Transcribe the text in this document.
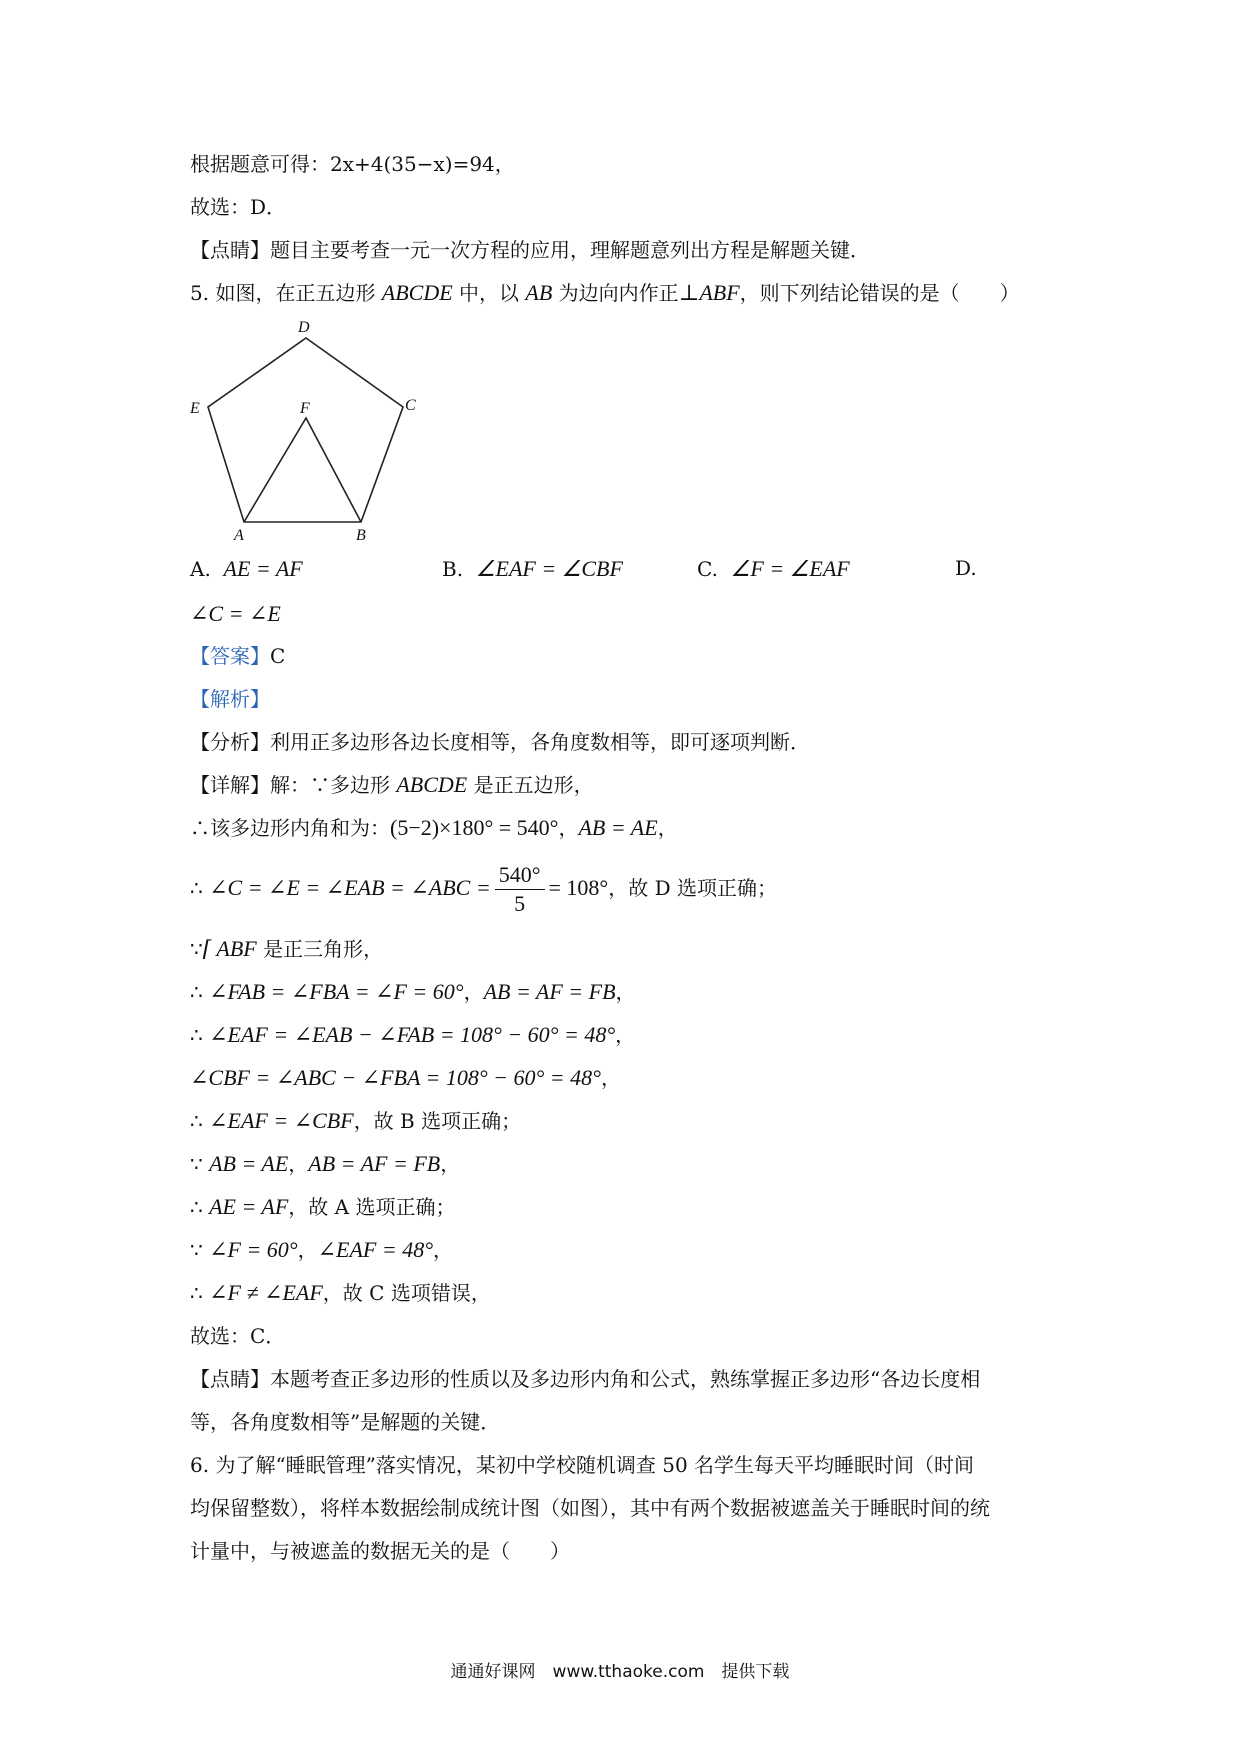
根据题意可得：2x+4(35−x)=94，
故选：D．
【点睛】题目主要考查一元一次方程的应用，理解题意列出方程是解题关键．
5. 如图，在正五边形 ABCDE 中，以 AB 为边向内作正⊥ABF，则下列结论错误的是（　　）
D
C
E	F
A	B
A. AE = AF	B. ∠EAF = ∠CBF	C. ∠F = ∠EAF	D.
∠C = ∠E
【答案】C
【解析】
【分析】利用正多边形各边长度相等，各角度数相等，即可逐项判断．
【详解】解：∵多边形 ABCDE 是正五边形，
∴该多边形内角和为：(5−2)×180° = 540°，AB = AE，
∴ ∠C = ∠E = ∠EAB = ∠ABC = $\frac{540^\circ}{5} = 108^\circ$，故 D 选项正确；
∵⌈ ABF 是正三角形，
∴ ∠FAB = ∠FBA = ∠F = 60°，AB = AF = FB，
∴ ∠EAF = ∠EAB − ∠FAB = 108° − 60° = 48°，
∠CBF = ∠ABC − ∠FBA = 108° − 60° = 48°，
∴ ∠EAF = ∠CBF，故 B 选项正确；
∵ AB = AE，AB = AF = FB，
∴ AE = AF，故 A 选项正确；
∵ ∠F = 60°，∠EAF = 48°，
∴ ∠F ≠ ∠EAF，故 C 选项错误，
故选：C．
【点睛】本题考查正多边形的性质以及多边形内角和公式，熟练掌握正多边形“各边长度相
等，各角度数相等”是解题的关键．
6. 为了解“睡眠管理”落实情况，某初中学校随机调查 50 名学生每天平均睡眠时间（时间
均保留整数），将样本数据绘制成统计图（如图），其中有两个数据被遮盖关于睡眠时间的统
计量中，与被遮盖的数据无关的是（　　）
通通好课网　www.tthaoke.com　提供下载
